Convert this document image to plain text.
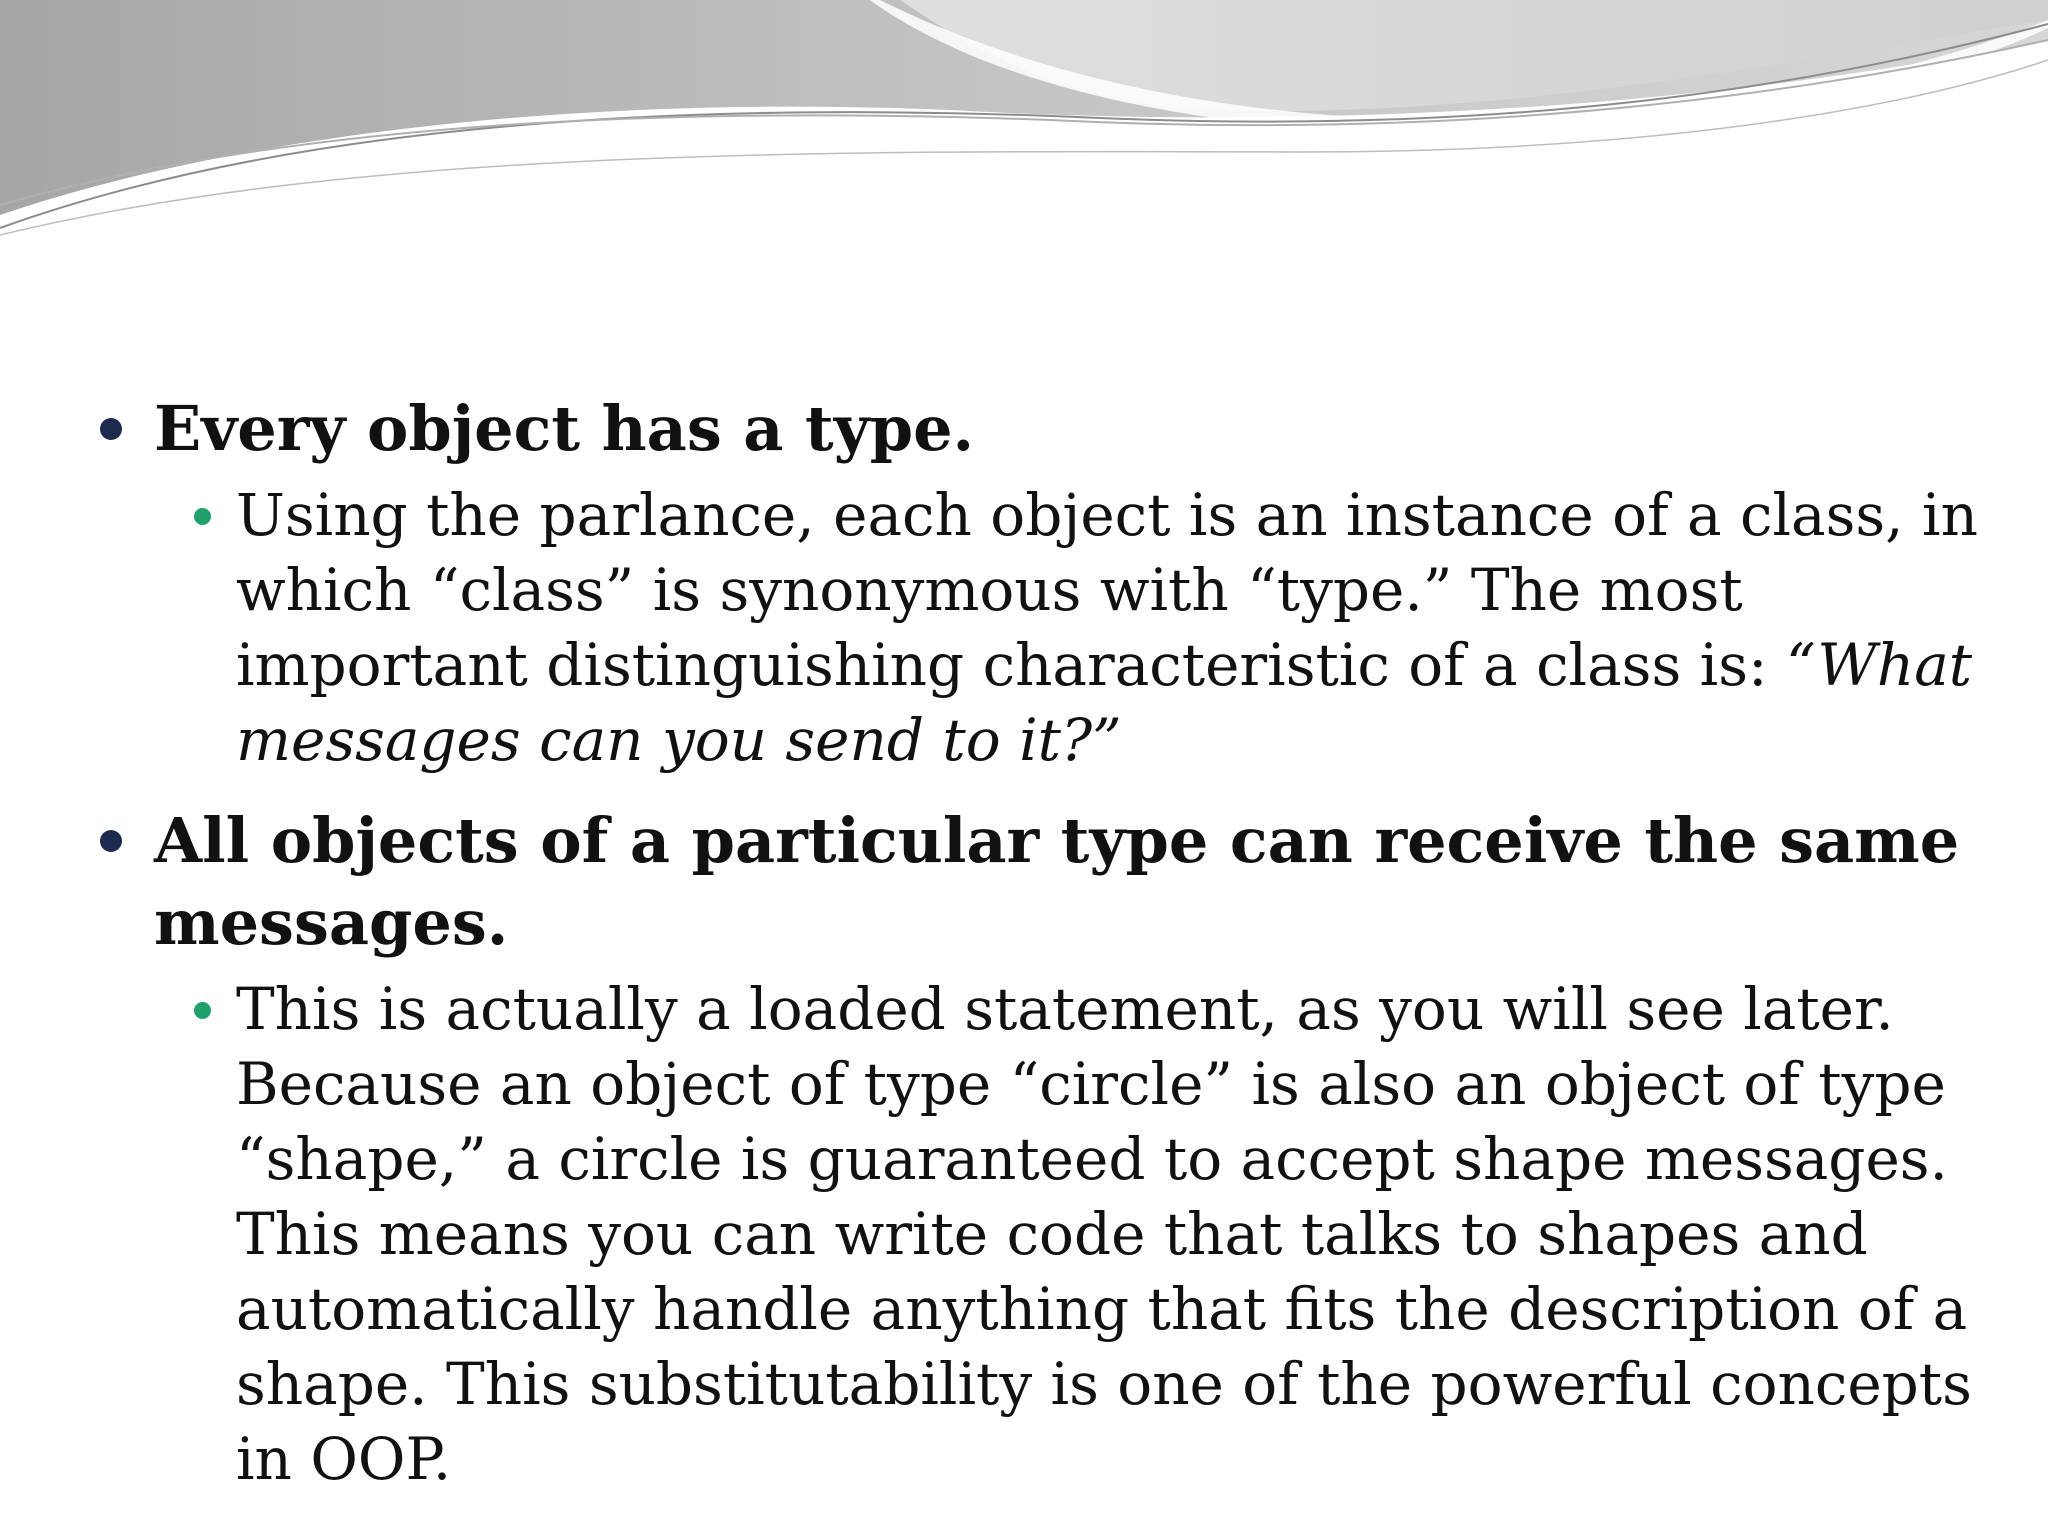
Every object has a type.
Using the parlance, each object is an instance of a class, in which “class” is synonymous with “type.” The most important distinguishing characteristic of a class is: “What messages can you send to it?”
All objects of a particular type can receive the same messages.
This is actually a loaded statement, as you will see later. Because an object of type “circle” is also an object of type “shape,” a circle is guaranteed to accept shape messages. This means you can write code that talks to shapes and automatically handle anything that fits the description of a shape. This substitutability is one of the powerful concepts in OOP.
